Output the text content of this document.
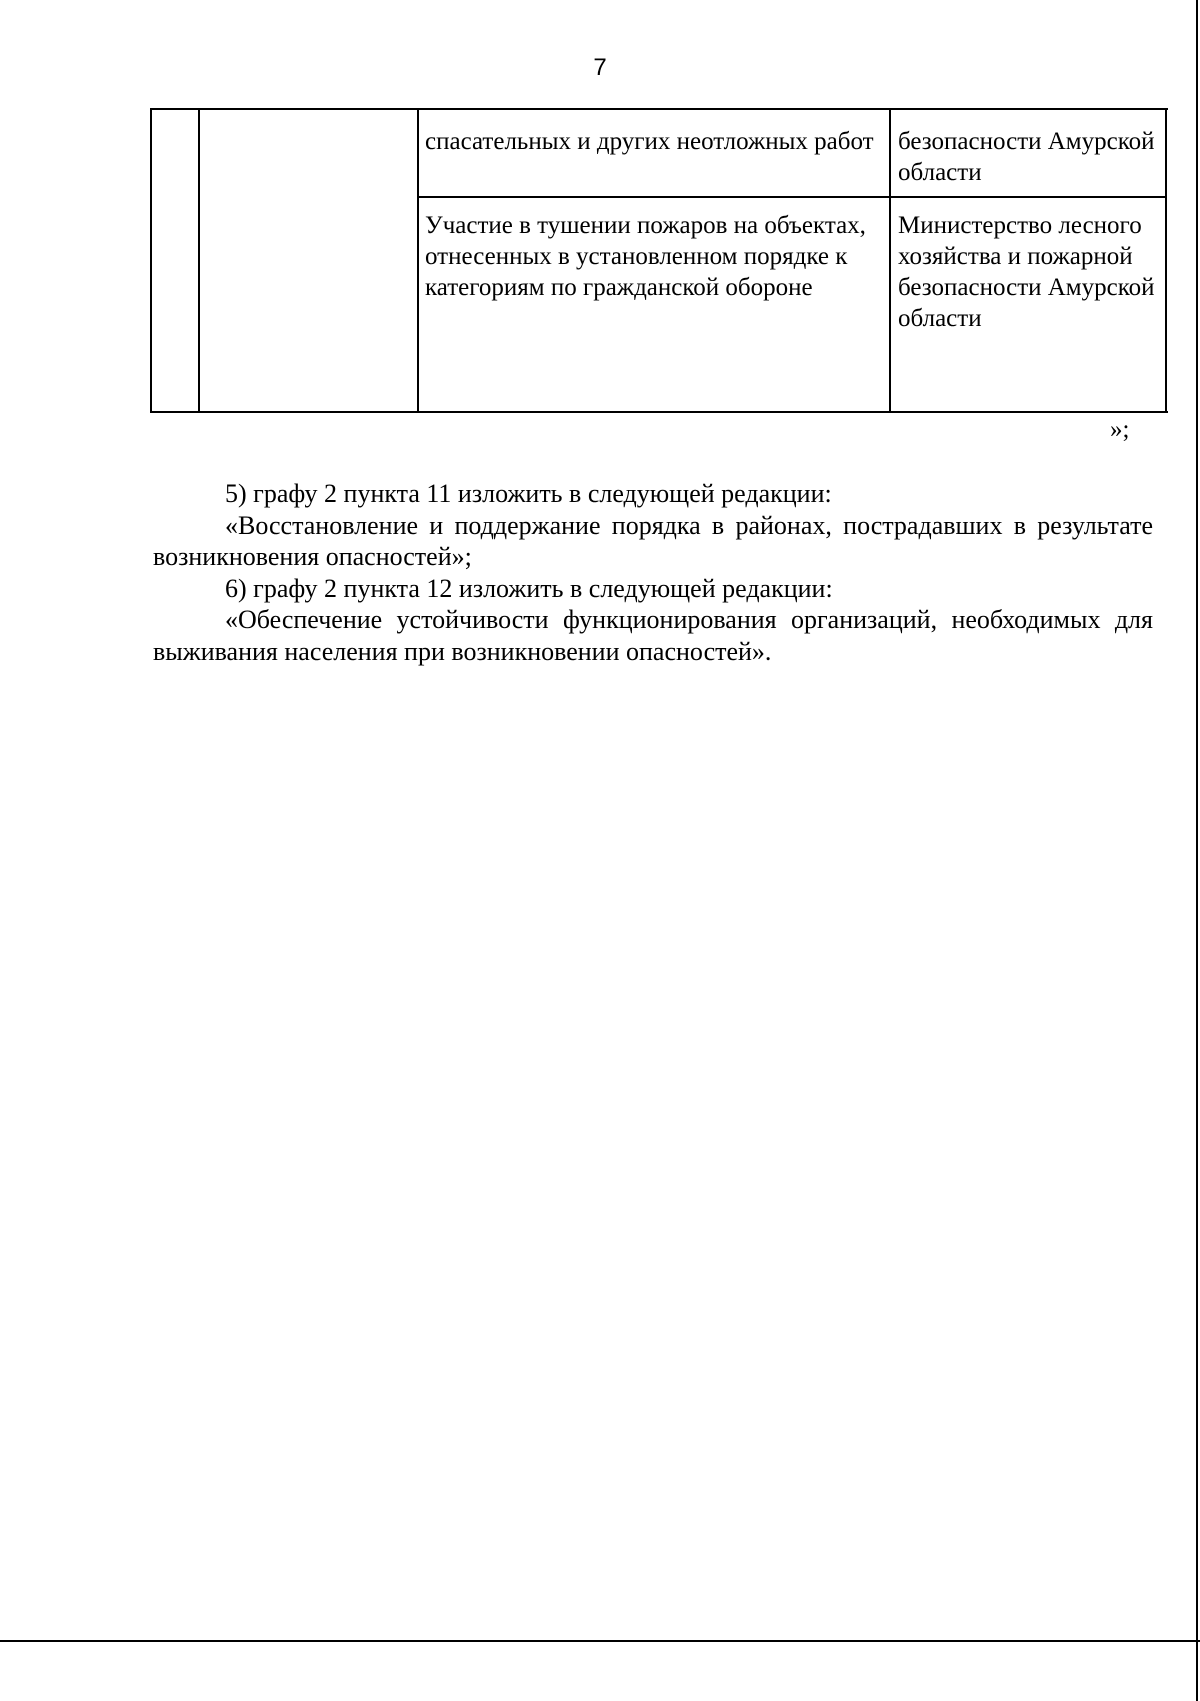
7
спасательных и других неотложных работ безопасности Амурской области
Участие в тушении пожаров на объектах, отнесенных в установленном порядке к категориям по гражданской обороне
Министерство лесного хозяйства и пожарной безопасности Амурской области
»;

5) графу 2 пункта 11 изложить в следующей редакции:

«Восстановление и поддержание порядка в районах, пострадавших в результате возникновения опасностей»;

6) графу 2 пункта 12 изложить в следующей редакции:

«Обеспечение устойчивости функционирования организаций, необходимых для выживания населения при возникновении опасностей».
